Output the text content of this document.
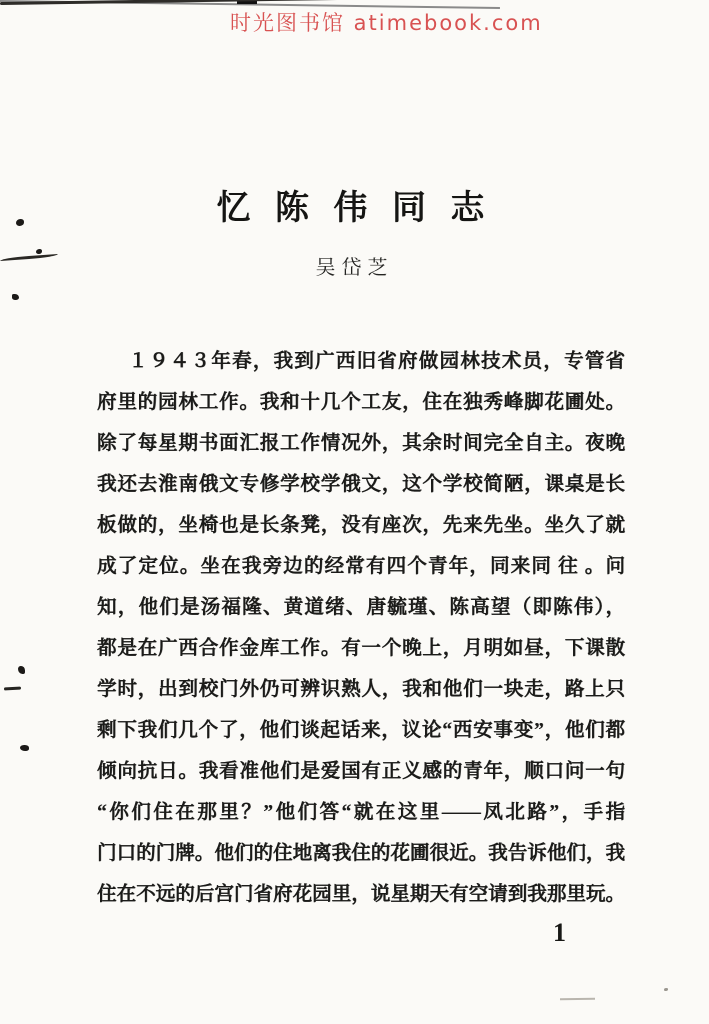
时光图书馆 atimebook.com
忆 陈 伟 同 志
吴岱芝
１９４３年春，我到广西旧省府做园林技术员，专管省
府里的园林工作。我和十几个工友，住在独秀峰脚花圃处。
除了每星期书面汇报工作情况外，其余时间完全自主。夜晚
我还去淮南俄文专修学校学俄文，这个学校简陋，课桌是长
板做的，坐椅也是长条凳，没有座次，先来先坐。坐久了就
成了定位。坐在我旁边的经常有四个青年，同来同 往 。问
知，他们是汤福隆、黄道绪、唐毓瑾、陈高望（即陈伟），
都是在广西合作金库工作。有一个晚上，月明如昼，下课散
学时，出到校门外仍可辨识熟人，我和他们一块走，路上只
剩下我们几个了，他们谈起话来，议论“西安事变”，他们都
倾向抗日。我看准他们是爱国有正义感的青年，顺口问一句
“你们住在那里？”他们答“就在这里——凤北路”，手指
门口的门牌。他们的住地离我住的花圃很近。我告诉他们，我
住在不远的后宫门省府花园里，说星期天有空请到我那里玩。
1
